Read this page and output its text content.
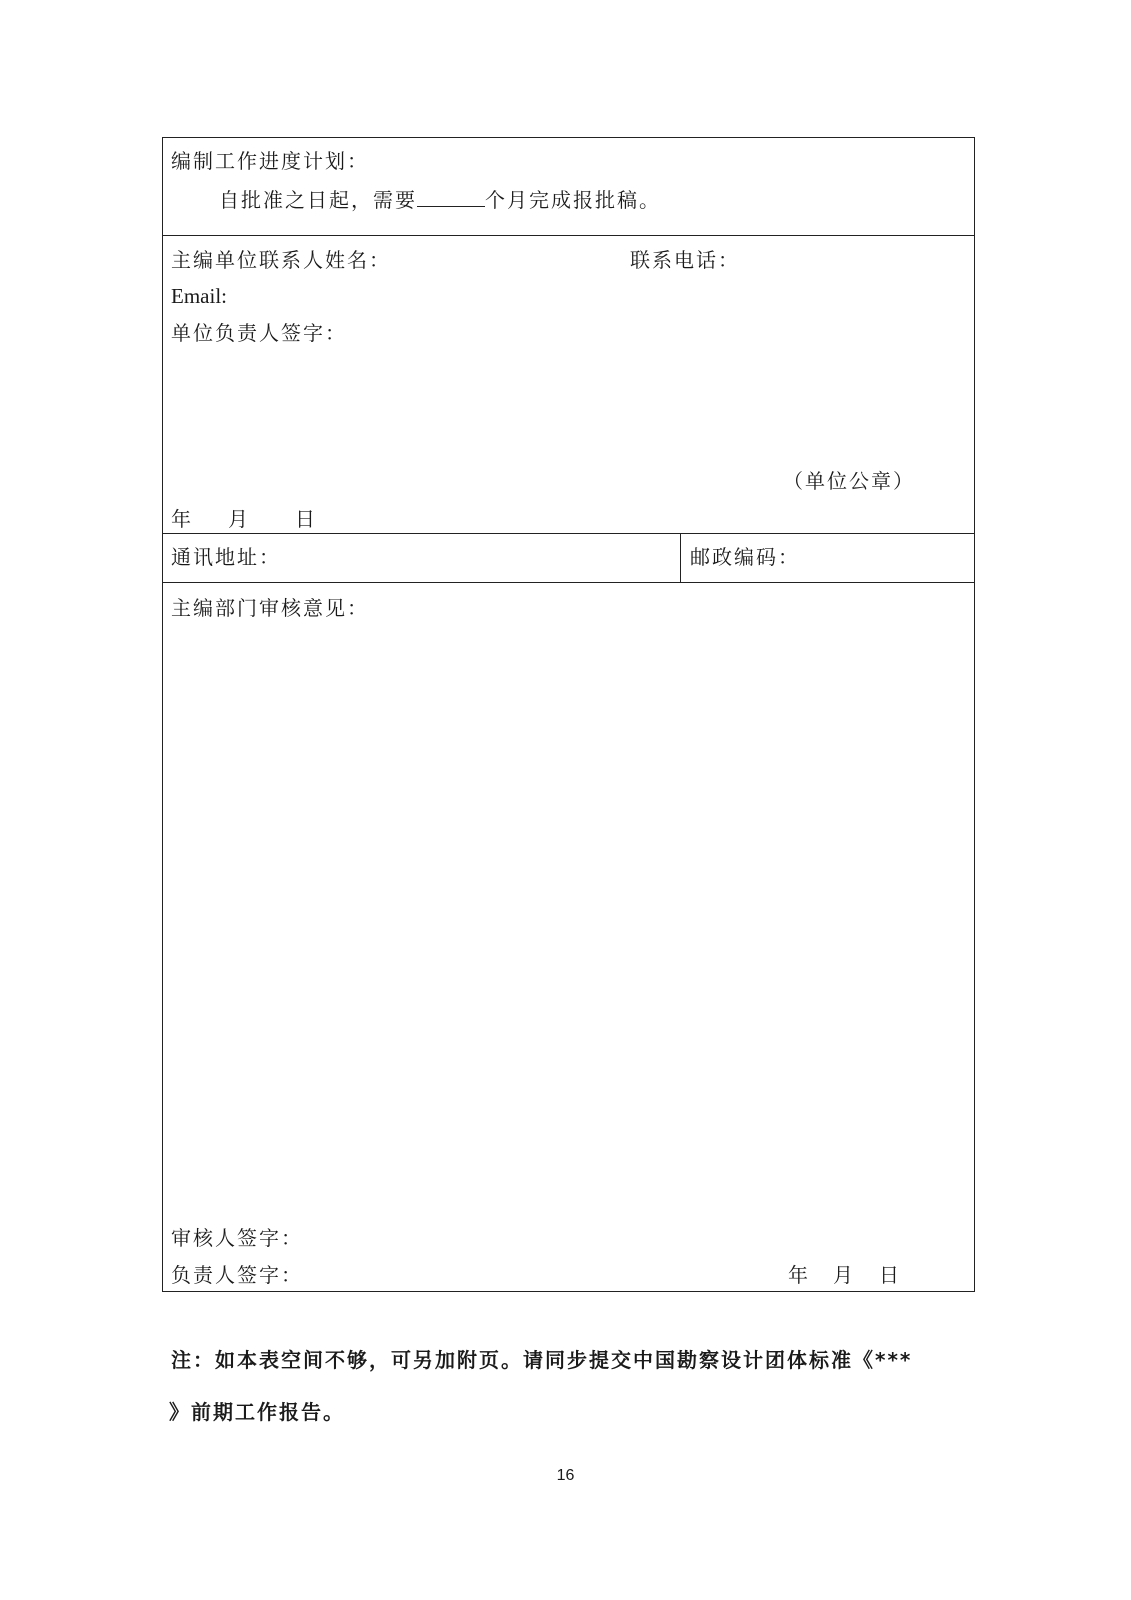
编制工作进度计划：
自批准之日起，需要	个月完成报批稿。

主编单位联系人姓名：	联系电话：
Email:
单位负责人签字：
（单位公章）
年 月 日

通讯地址：	邮政编码：

主编部门审核意见：
审核人签字：
负责人签字：	年 月 日
注：如本表空间不够，可另加附页。请同步提交中国勘察设计团体标准《***
》前期工作报告。
16
